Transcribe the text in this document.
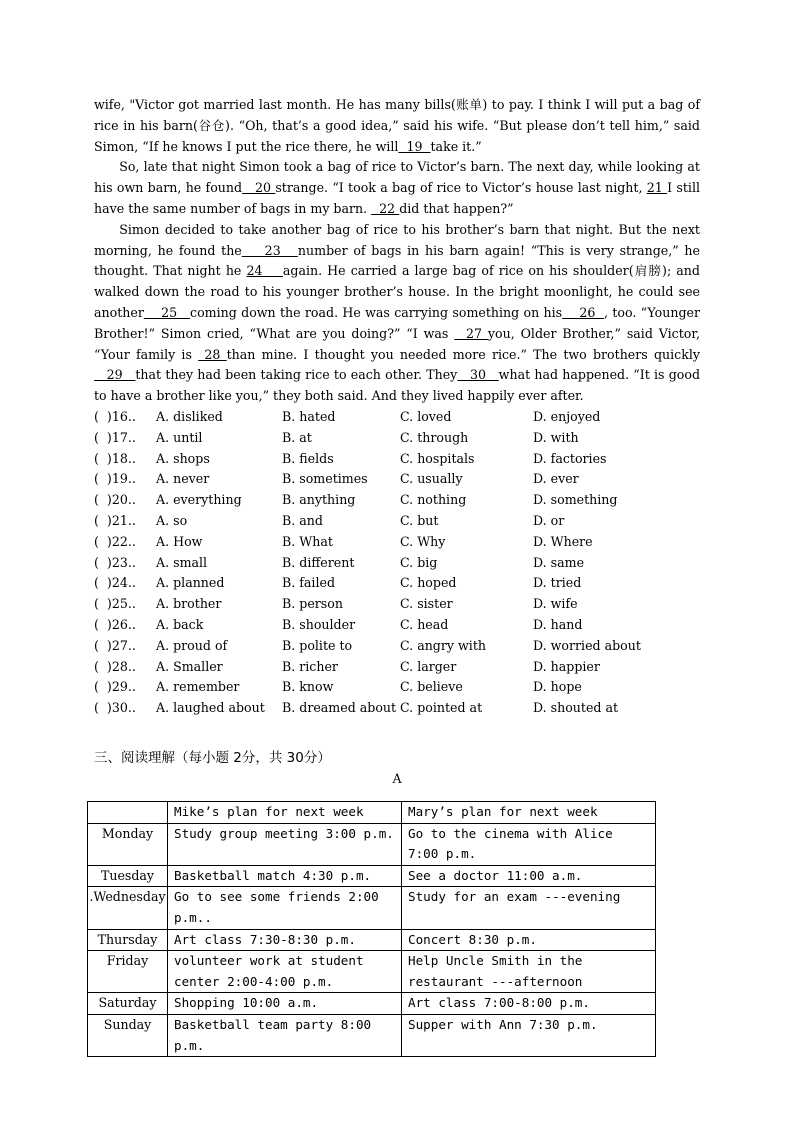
wife, "Victor got married last month. He has many bills(账单) to pay. I think I will put a bag of rice in his barn(谷仓). “Oh, that’s a good idea,” said his wife. “But please don’t tell him,” said Simon, “If he knows I put the rice there, he will  19  take it.”

So, late that night Simon took a bag of rice to Victor’s barn. The next day, while looking at his own barn, he found   20 strange. “I took a bag of rice to Victor’s house last night, 21 I still have the same number of bags in my barn.   22 did that happen?”

Simon decided to take another bag of rice to his brother’s barn that night. But the next morning, he found the    23   number of bags in his barn again! “This is very strange,” he thought. That night he 24    again. He carried a large bag of rice on his shoulder(肩膀); and walked down the road to his younger brother’s house. In the bright moonlight, he could see another    25   coming down the road. He was carrying something on his    26  , too. “Younger Brother!” Simon cried, “What are you doing?” “I was   27 you, Older Brother,” said Victor, “Your family is  28 than mine. I thought you needed more rice.” The two brothers quickly   29   that they had been taking rice to each other. They   30   what had happened. “It is good to have a brother like you,” they both said. And they lived happily ever after.

(  )16.. A. disliked	B. hated	C. loved	D. enjoyed
(  )17.. A. until	B. at	C. through	D. with
(  )18.. A. shops	B. fields	C. hospitals	D. factories
(  )19.. A. never	B. sometimes	C. usually	D. ever
(  )20.. A. everything	B. anything	C. nothing	D. something
(  )21.. A. so	B. and	C. but	D. or
(  )22.. A. How	B. What	C. Why	D. Where
(  )23.. A. small	B. different	C. big	D. same
(  )24.. A. planned	B. failed	C. hoped	D. tried
(  )25.. A. brother	B. person	C. sister	D. wife
(  )26.. A. back	B. shoulder	C. head	D. hand
(  )27.. A. proud of	B. polite to	C. angry with	D. worried about
(  )28.. A. Smaller	B. richer	C. larger	D. happier
(  )29.. A. remember	B. know	C. believe	D. hope
(  )30.. A. laughed about B. dreamed about C. pointed at	D. shouted at
三、阅读理解（每小题 2分，共 30分）
A
	Mike’s plan for next week	Mary’s plan for next week
Monday	Study group meeting 3:00 p.m.	Go to the cinema with Alice 7:00 p.m.
Tuesday	Basketball match 4:30 p.m.	See a doctor 11:00 a.m.
.Wednesday	Go to see some friends 2:00 p.m..	Study for an exam ---evening
Thursday	Art class 7:30-8:30 p.m.	Concert 8:30 p.m.
Friday	volunteer work at student center 2:00-4:00 p.m.	Help Uncle Smith in the restaurant ---afternoon
Saturday	Shopping 10:00 a.m.	Art class 7:00-8:00 p.m.
Sunday	Basketball team party 8:00 p.m.	Supper with Ann 7:30 p.m.
